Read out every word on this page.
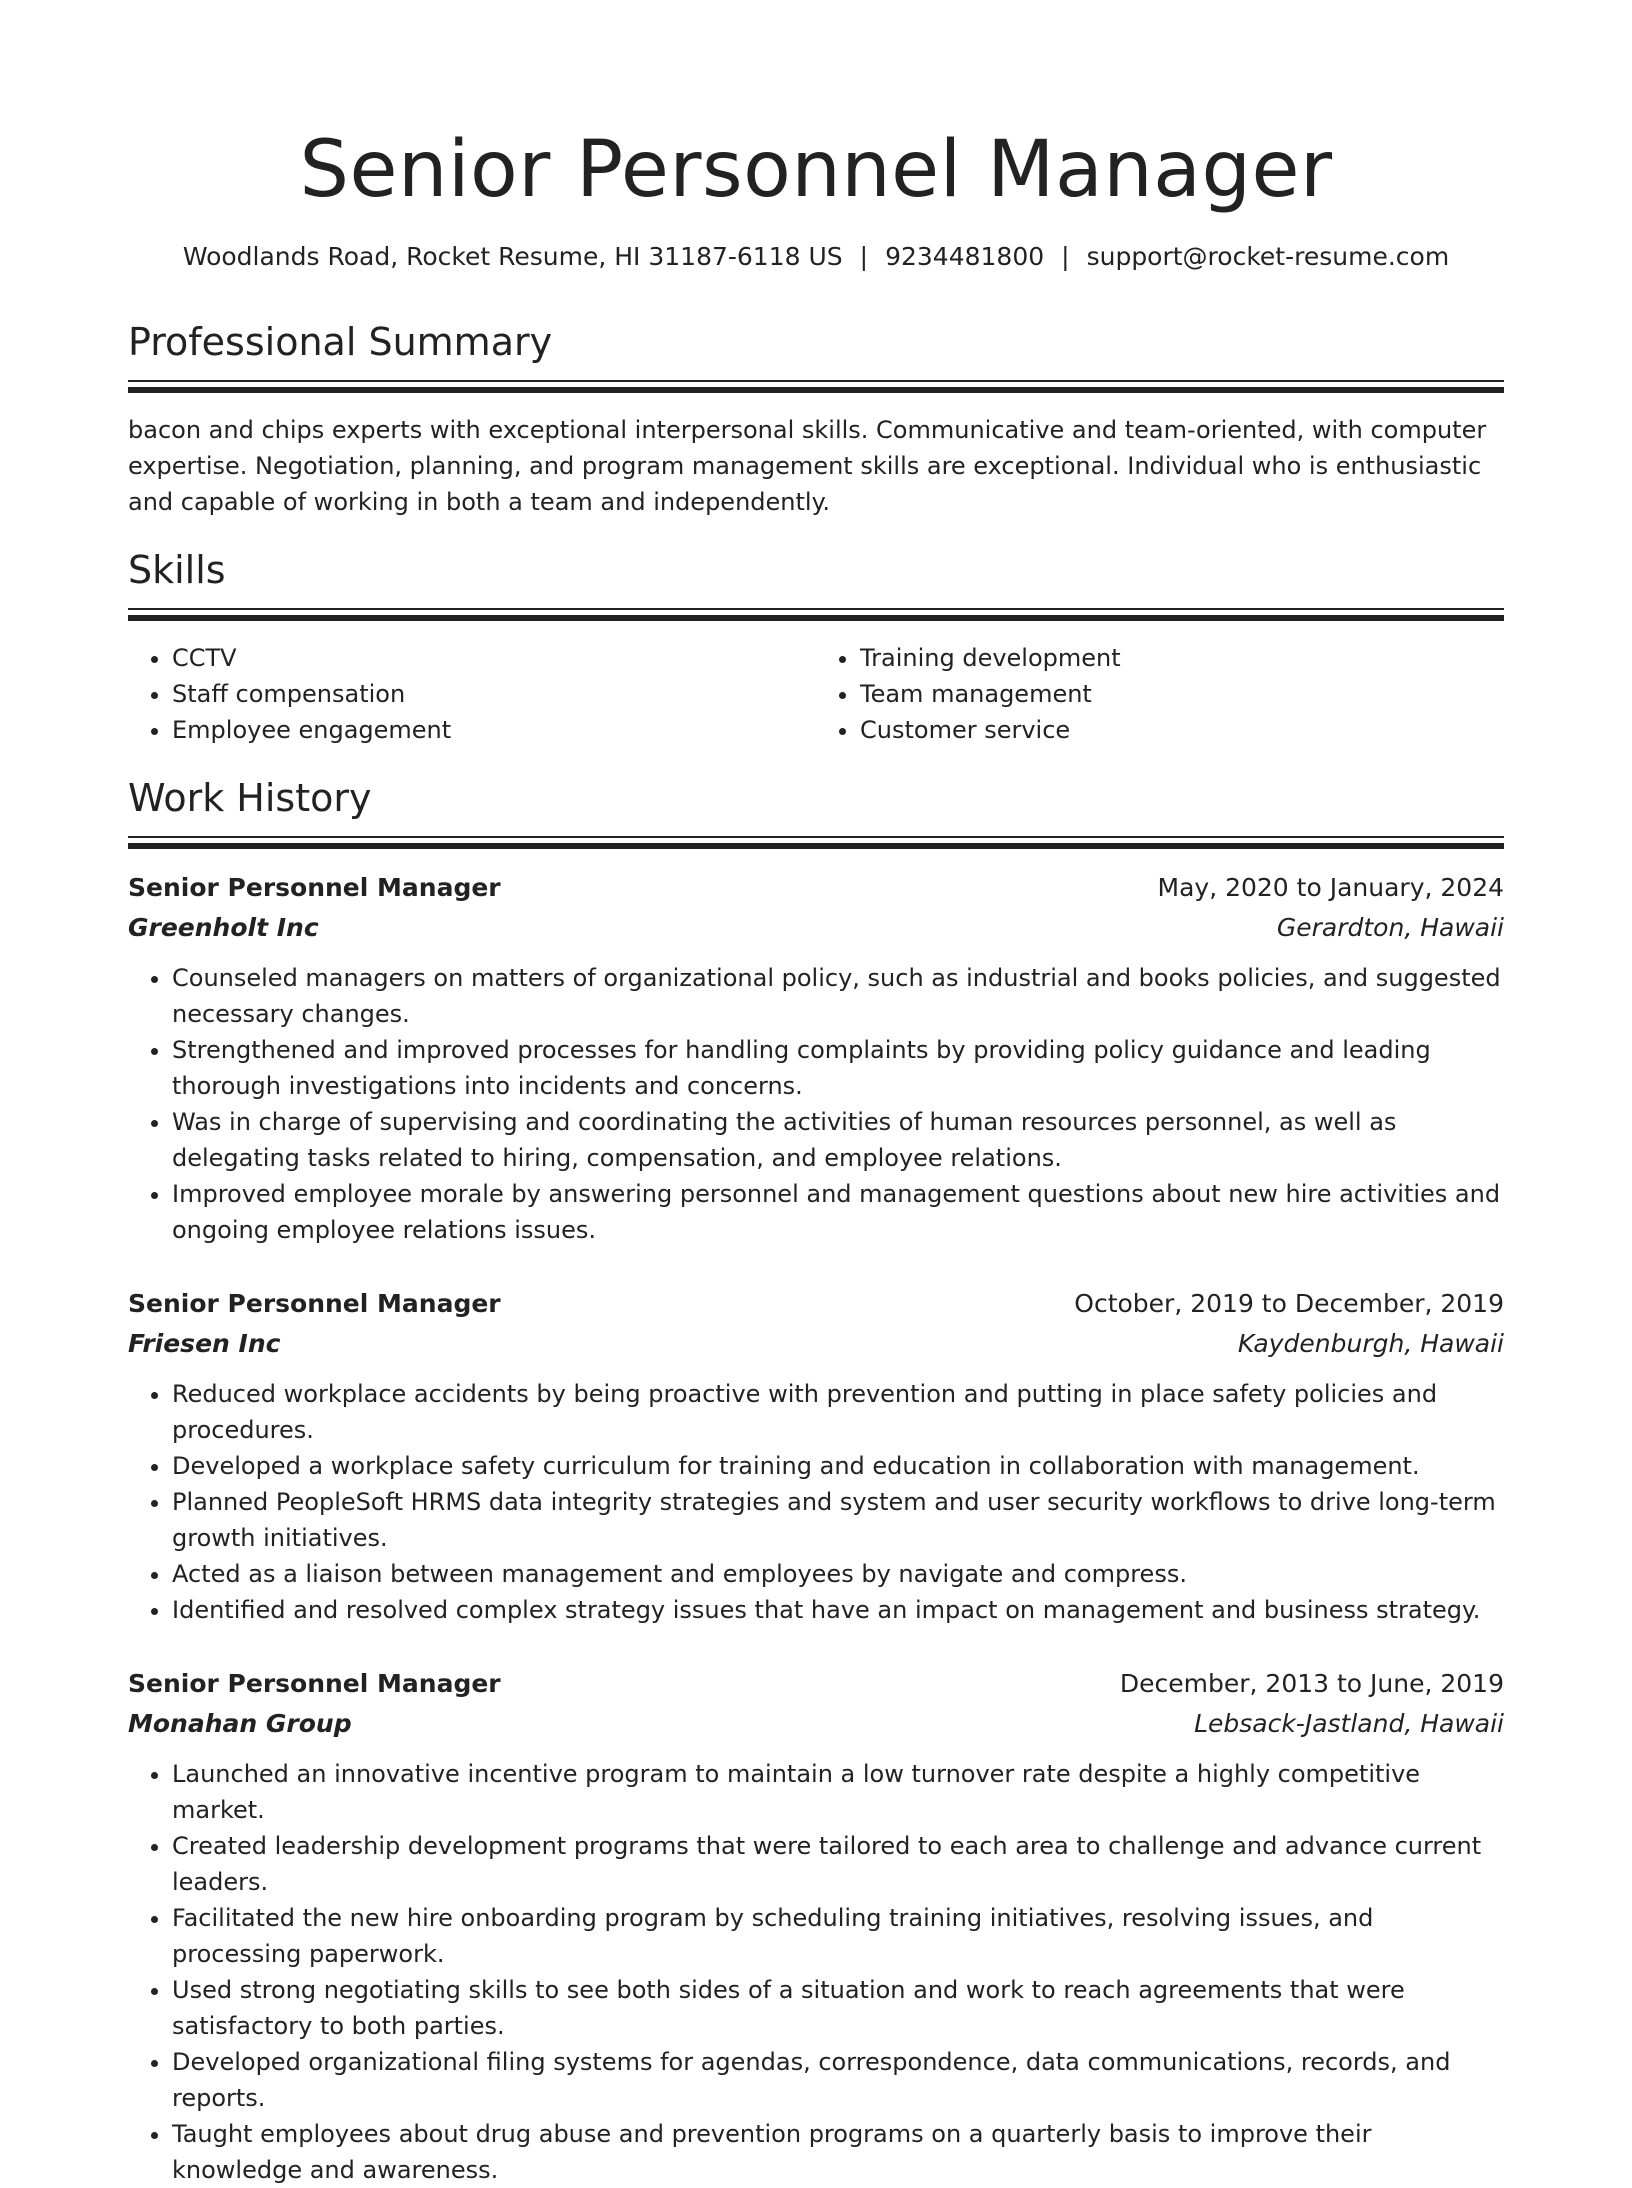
Senior Personnel Manager
Woodlands Road, Rocket Resume, HI 31187-6118 US | 9234481800 | support@rocket-resume.com
Professional Summary

bacon and chips experts with exceptional interpersonal skills. Communicative and team-oriented, with computer expertise. Negotiation, planning, and program management skills are exceptional. Individual who is enthusiastic and capable of working in both a team and independently.

Skills
• CCTV
• Staff compensation
• Employee engagement
• Training development
• Team management
• Customer service
Work History
Senior Personnel Manager	May, 2020 to January, 2024
Greenholt Inc	Gerardton, Hawaii
• Counseled managers on matters of organizational policy, such as industrial and books policies, and suggested necessary changes.
• Strengthened and improved processes for handling complaints by providing policy guidance and leading thorough investigations into incidents and concerns.
• Was in charge of supervising and coordinating the activities of human resources personnel, as well as delegating tasks related to hiring, compensation, and employee relations.
• Improved employee morale by answering personnel and management questions about new hire activities and ongoing employee relations issues.
Senior Personnel Manager	October, 2019 to December, 2019
Friesen Inc	Kaydenburgh, Hawaii
• Reduced workplace accidents by being proactive with prevention and putting in place safety policies and procedures.
• Developed a workplace safety curriculum for training and education in collaboration with management.
• Planned PeopleSoft HRMS data integrity strategies and system and user security workflows to drive long-term growth initiatives.
• Acted as a liaison between management and employees by navigate and compress.
• Identified and resolved complex strategy issues that have an impact on management and business strategy.
Senior Personnel Manager	December, 2013 to June, 2019
Monahan Group	Lebsack-Jastland, Hawaii
• Launched an innovative incentive program to maintain a low turnover rate despite a highly competitive market.
• Created leadership development programs that were tailored to each area to challenge and advance current leaders.
• Facilitated the new hire onboarding program by scheduling training initiatives, resolving issues, and processing paperwork.
• Used strong negotiating skills to see both sides of a situation and work to reach agreements that were satisfactory to both parties.
• Developed organizational filing systems for agendas, correspondence, data communications, records, and reports.
• Taught employees about drug abuse and prevention programs on a quarterly basis to improve their knowledge and awareness.
